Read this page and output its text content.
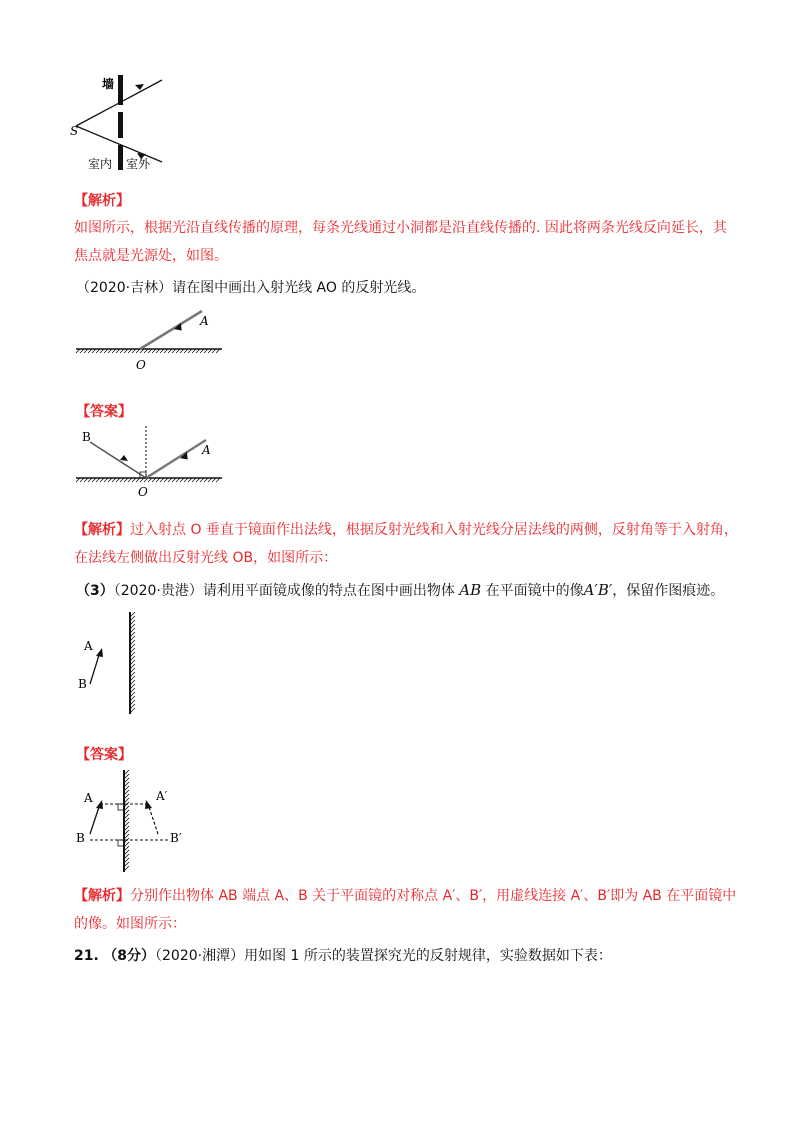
墙
S
室内 室外
【解析】
如图所示，根据光沿直线传播的原理，每条光线通过小洞都是沿直线传播的. 因此将两条光线反向延长，其
焦点就是光源处，如图。
（2020·吉林）请在图中画出入射光线 AO 的反射光线。
A
O
【答案】
B
A
O
【解析】过入射点 O 垂直于镜面作出法线，根据反射光线和入射光线分居法线的两侧，反射角等于入射角，
在法线左侧做出反射光线 OB，如图所示：
（3）（2020·贵港）请利用平面镜成像的特点在图中画出物体 AB 在平面镜中的像A′B′，保留作图痕迹。
A
B
【答案】
A
B
A′
B′
【解析】分别作出物体 AB 端点 A、B 关于平面镜的对称点 A′、B′，用虚线连接 A′、B′即为 AB 在平面镜中
的像。如图所示：
21. （8分）（2020·湘潭）用如图 1 所示的装置探究光的反射规律，实验数据如下表：
